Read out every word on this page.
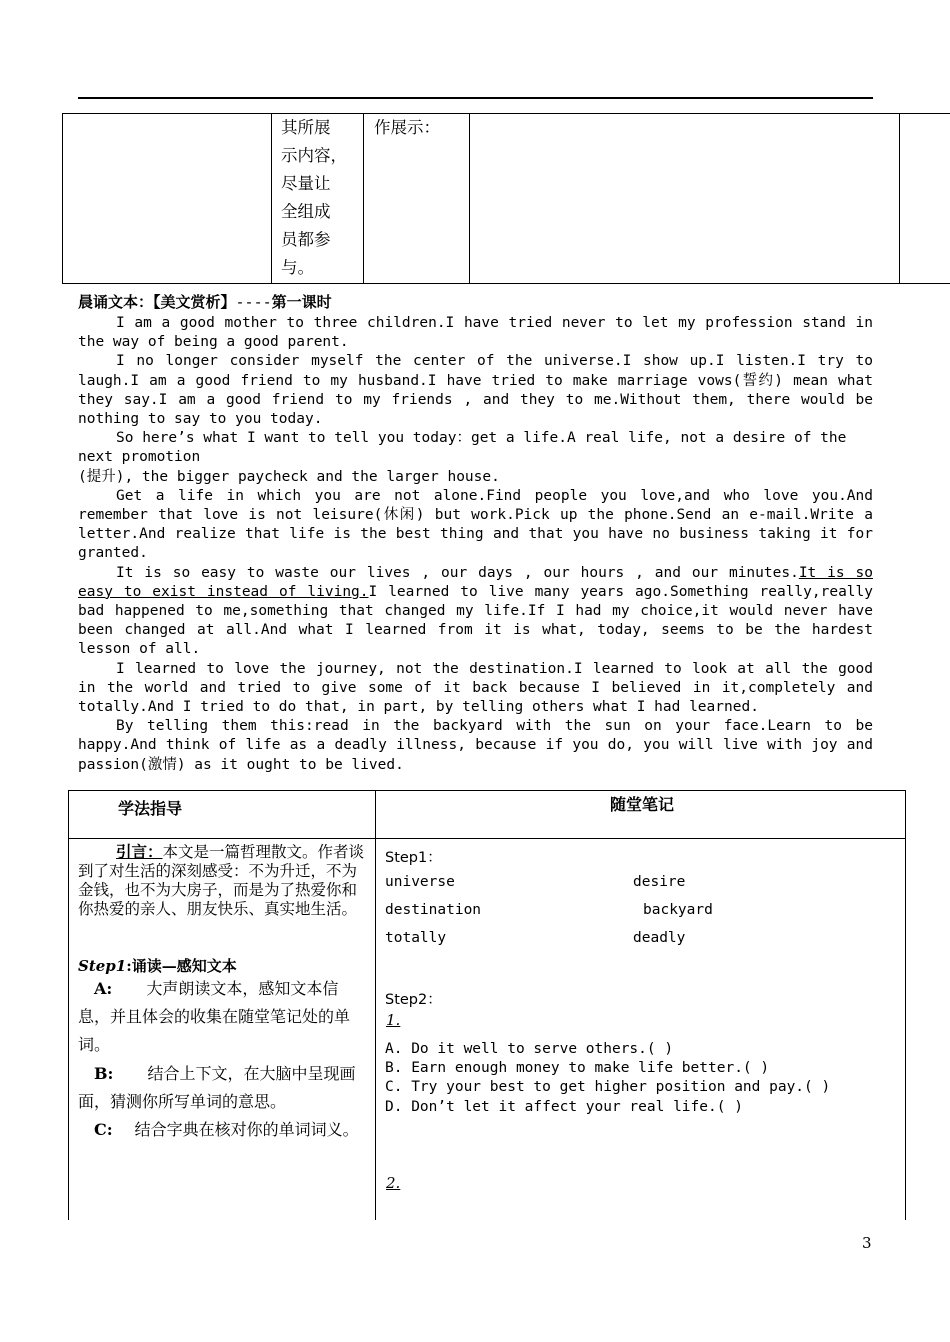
其所展
示内容，
尽量让
全组成
员都参
与。
作展示：
晨诵文本：【美文赏析】----第一课时

I am a good mother to three children.I have tried never to let my profession stand in the way of being a good parent.

I no longer consider myself the center of the universe.I show up.I listen.I try to laugh.I am a good friend to my husband.I have tried to make marriage vows(誓约) mean what they say.I am a good friend to my friends , and they to me.Without them, there would be nothing to say to you today.

So here’s what I want to tell you today：get a life.A real life, not a desire of the next promotion

(提升), the bigger paycheck and the larger house.

Get a life in which you are not alone.Find people you love,and who love you.And remember that love is not leisure(休闲) but work.Pick up the phone.Send an e-mail.Write a letter.And realize that life is the best thing and that you have no business taking it for granted.

It is so easy to waste our lives , our days , our hours , and our minutes.It is so easy to exist instead of living.I learned to live many years ago.Something really,really bad happened to me,something that changed my life.If I had my choice,it would never have been changed at all.And what I learned from it is what, today, seems to be the hardest lesson of all.

I learned to love the journey, not the destination.I learned to look at all the good in the world and tried to give some of it back because I believed in it,completely and totally.And I tried to do that, in part, by telling others what I had learned.

By telling them this:read in the backyard with the sun on your face.Learn to be happy.And think of life as a deadly illness, because if you do, you will live with joy and passion(激情) as it ought to be lived.

学法指导	随堂笔记
引言：本文是一篇哲理散文。作者谈到了对生活的深刻感受：不为升迁，不为金钱，也不为大房子，而是为了热爱你和你热爱的亲人、朋友快乐、真实地生活。
Step1:诵读—感知文本
A: 大声朗读文本，感知文本信息，并且体会的收集在随堂笔记处的单词。
B: 结合上下文，在大脑中呈现画面，猜测你所写单词的意思。
C: 结合字典在核对你的单词词义。
Step1：
universe	desire
destination	backyard
totally	deadly
Step2：
1.

A. Do it well to serve others.( )

B. Earn enough money to make life better.( )

C. Try your best to get higher position and pay.( )

D. Don’t let it affect your real life.( )

2.
3
